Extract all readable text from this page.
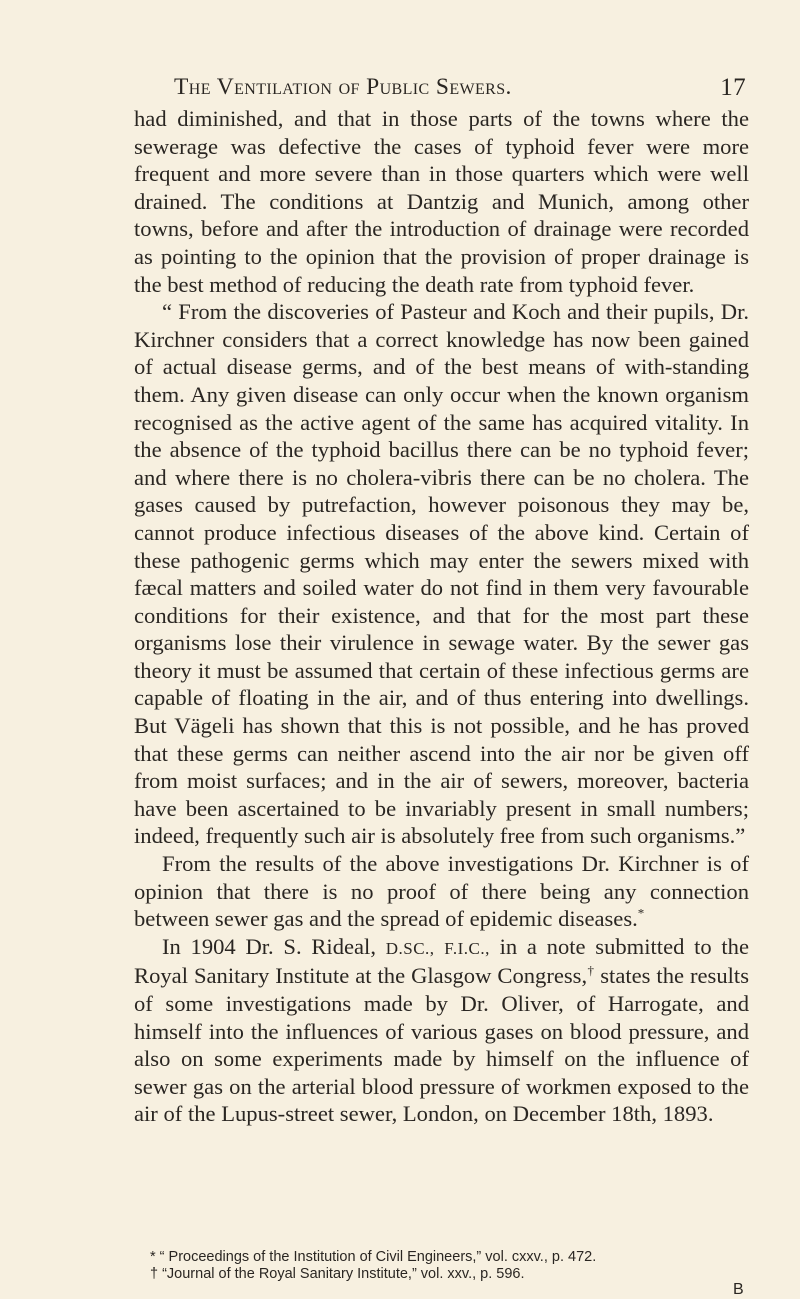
The Ventilation of Public Sewers.	17

had diminished, and that in those parts of the towns where the sewerage was defective the cases of typhoid fever were more frequent and more severe than in those quarters which were well drained. The conditions at Dantzig and Munich, among other towns, before and after the introduction of drainage were recorded as pointing to the opinion that the provision of proper drainage is the best method of reducing the death rate from typhoid fever.

“ From the discoveries of Pasteur and Koch and their pupils, Dr. Kirchner considers that a correct knowledge has now been gained of actual disease germs, and of the best means of with-standing them. Any given disease can only occur when the known organism recognised as the active agent of the same has acquired vitality. In the absence of the typhoid bacillus there can be no typhoid fever; and where there is no cholera-vibris there can be no cholera. The gases caused by putrefaction, however poisonous they may be, cannot produce infectious diseases of the above kind. Certain of these pathogenic germs which may enter the sewers mixed with fæcal matters and soiled water do not find in them very favourable conditions for their existence, and that for the most part these organisms lose their virulence in sewage water. By the sewer gas theory it must be assumed that certain of these infectious germs are capable of floating in the air, and of thus entering into dwellings. But Vägeli has shown that this is not possible, and he has proved that these germs can neither ascend into the air nor be given off from moist surfaces; and in the air of sewers, moreover, bacteria have been ascertained to be invariably present in small numbers; indeed, frequently such air is absolutely free from such organisms.”

From the results of the above investigations Dr. Kirchner is of opinion that there is no proof of there being any connection between sewer gas and the spread of epidemic diseases.*

In 1904 Dr. S. Rideal, D.SC., F.I.C., in a note submitted to the Royal Sanitary Institute at the Glasgow Congress,† states the results of some investigations made by Dr. Oliver, of Harrogate, and himself into the influences of various gases on blood pressure, and also on some experiments made by himself on the influence of sewer gas on the arterial blood pressure of workmen exposed to the air of the Lupus-street sewer, London, on December 18th, 1893.

* “ Proceedings of the Institution of Civil Engineers,” vol. cxxv., p. 472.
† “Journal of the Royal Sanitary Institute,” vol. xxv., p. 596.
B
